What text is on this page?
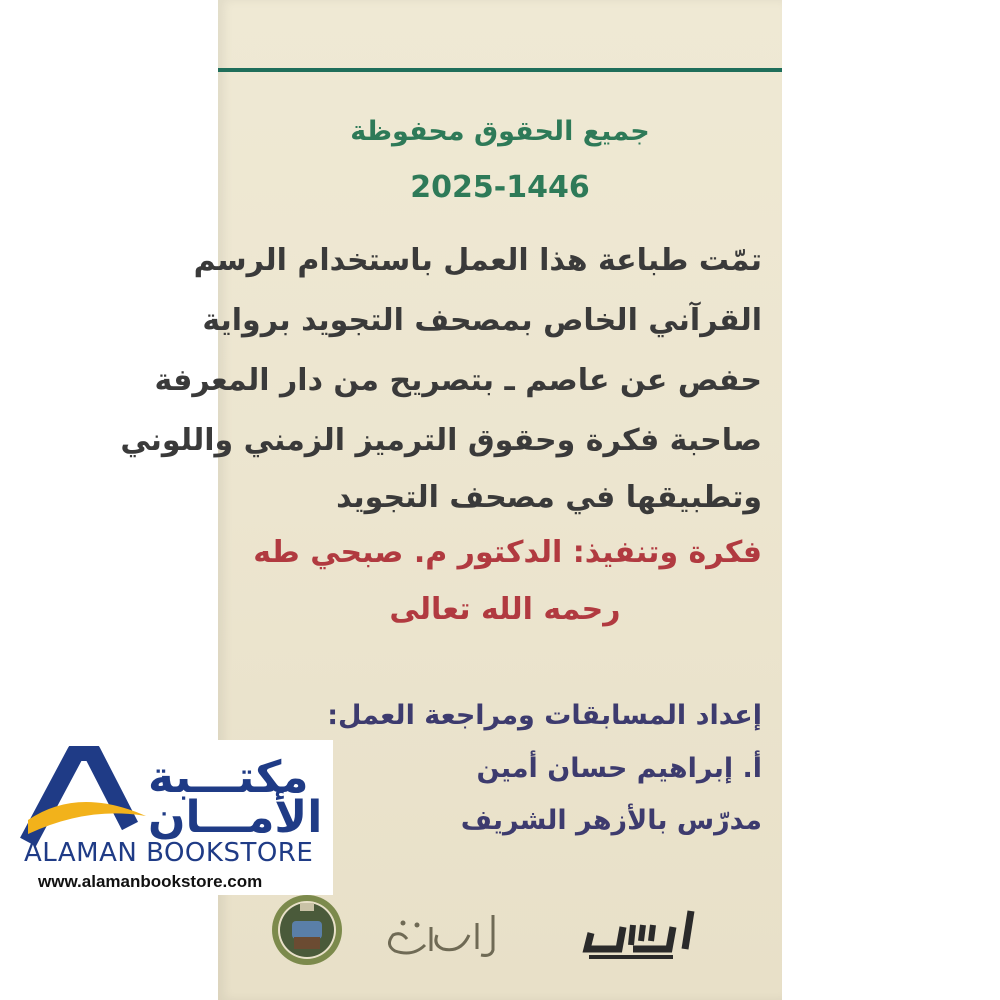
جميع الحقوق محفوظة
2025-1446
تمّت طباعة هذا العمل باستخدام الرسم
القرآني الخاص بمصحف التجويد برواية
حفص عن عاصم ـ بتصريح من دار المعرفة
صاحبة فكرة وحقوق الترميز الزمني واللوني
وتطبيقها في مصحف التجويد
فكرة وتنفيذ: الدكتور م. صبحي طه
رحمه الله تعالى
إعداد المسابقات ومراجعة العمل:
أ. إبراهيم حسان أمين
مدرّس بالأزهر الشريف
مكتـــبة
الأمـــان
ALAMAN BOOKSTORE
www.alamanbookstore.com
